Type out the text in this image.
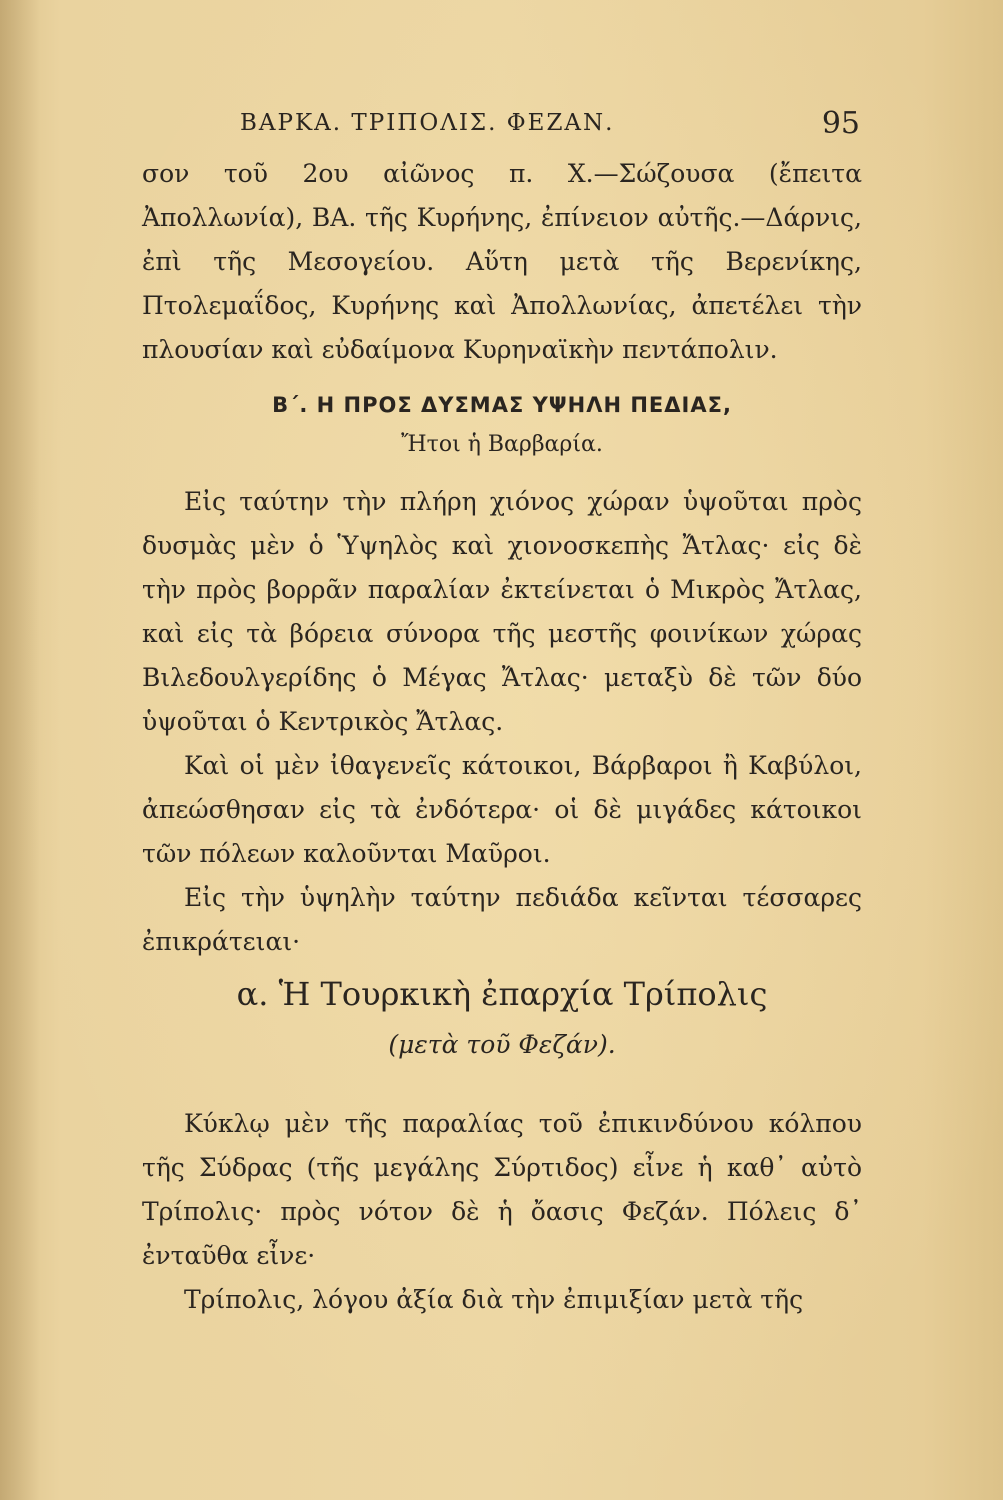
ΒΑΡΚΑ. ΤΡΙΠΟΛΙΣ. ΦΕΖΑΝ.	95

σον τοῦ 2ου αἰῶνος π. Χ.—Σώζουσα (ἔπειτα Ἀπολλωνία), ΒΑ. τῆς Κυρήνης, ἐπίνειον αὐτῆς.—Δάρνις, ἐπὶ τῆς Μεσογείου. Αὕτη μετὰ τῆς Βερενίκης, Πτολεμαΐδος, Κυρήνης καὶ Ἀπολλωνίας, ἀπετέλει τὴν πλουσίαν καὶ εὐδαίμονα Κυρηναϊκὴν πεντάπολιν.

Β΄. Η ΠΡΟΣ ΔΥΣΜΑΣ ΥΨΗΛΗ ΠΕΔΙΑΣ,
Ἤτοι ἡ Βαρβαρία.

Εἰς ταύτην τὴν πλήρη χιόνος χώραν ὑψοῦται πρὸς δυσμὰς μὲν ὁ Ὑψηλὸς καὶ χιονοσκεπὴς Ἄτλας· εἰς δὲ τὴν πρὸς βορρᾶν παραλίαν ἐκτείνεται ὁ Μικρὸς Ἄτλας, καὶ εἰς τὰ βόρεια σύνορα τῆς μεστῆς φοινίκων χώρας Βιλεδουλγερίδης ὁ Μέγας Ἄτλας· μεταξὺ δὲ τῶν δύο ὑψοῦται ὁ Κεντρικὸς Ἄτλας.

Καὶ οἱ μὲν ἰθαγενεῖς κάτοικοι, Βάρβαροι ἢ Καβύλοι, ἀπεώσθησαν εἰς τὰ ἐνδότερα· οἱ δὲ μιγάδες κάτοικοι τῶν πόλεων καλοῦνται Μαῦροι.

Εἰς τὴν ὑψηλὴν ταύτην πεδιάδα κεῖνται τέσσαρες ἐπικράτειαι·

α. Ἡ Τουρκικὴ ἐπαρχία Τρίπολις
(μετὰ τοῦ Φεζάν).

Κύκλῳ μὲν τῆς παραλίας τοῦ ἐπικινδύνου κόλπου τῆς Σύδρας (τῆς μεγάλης Σύρτιδος) εἶνε ἡ καθ᾿ αὐτὸ Τρίπολις· πρὸς νότον δὲ ἡ ὄασις Φεζάν. Πόλεις δ᾿ ἐνταῦθα εἶνε·

Τρίπολις, λόγου ἀξία διὰ τὴν ἐπιμιξίαν μετὰ τῆς
